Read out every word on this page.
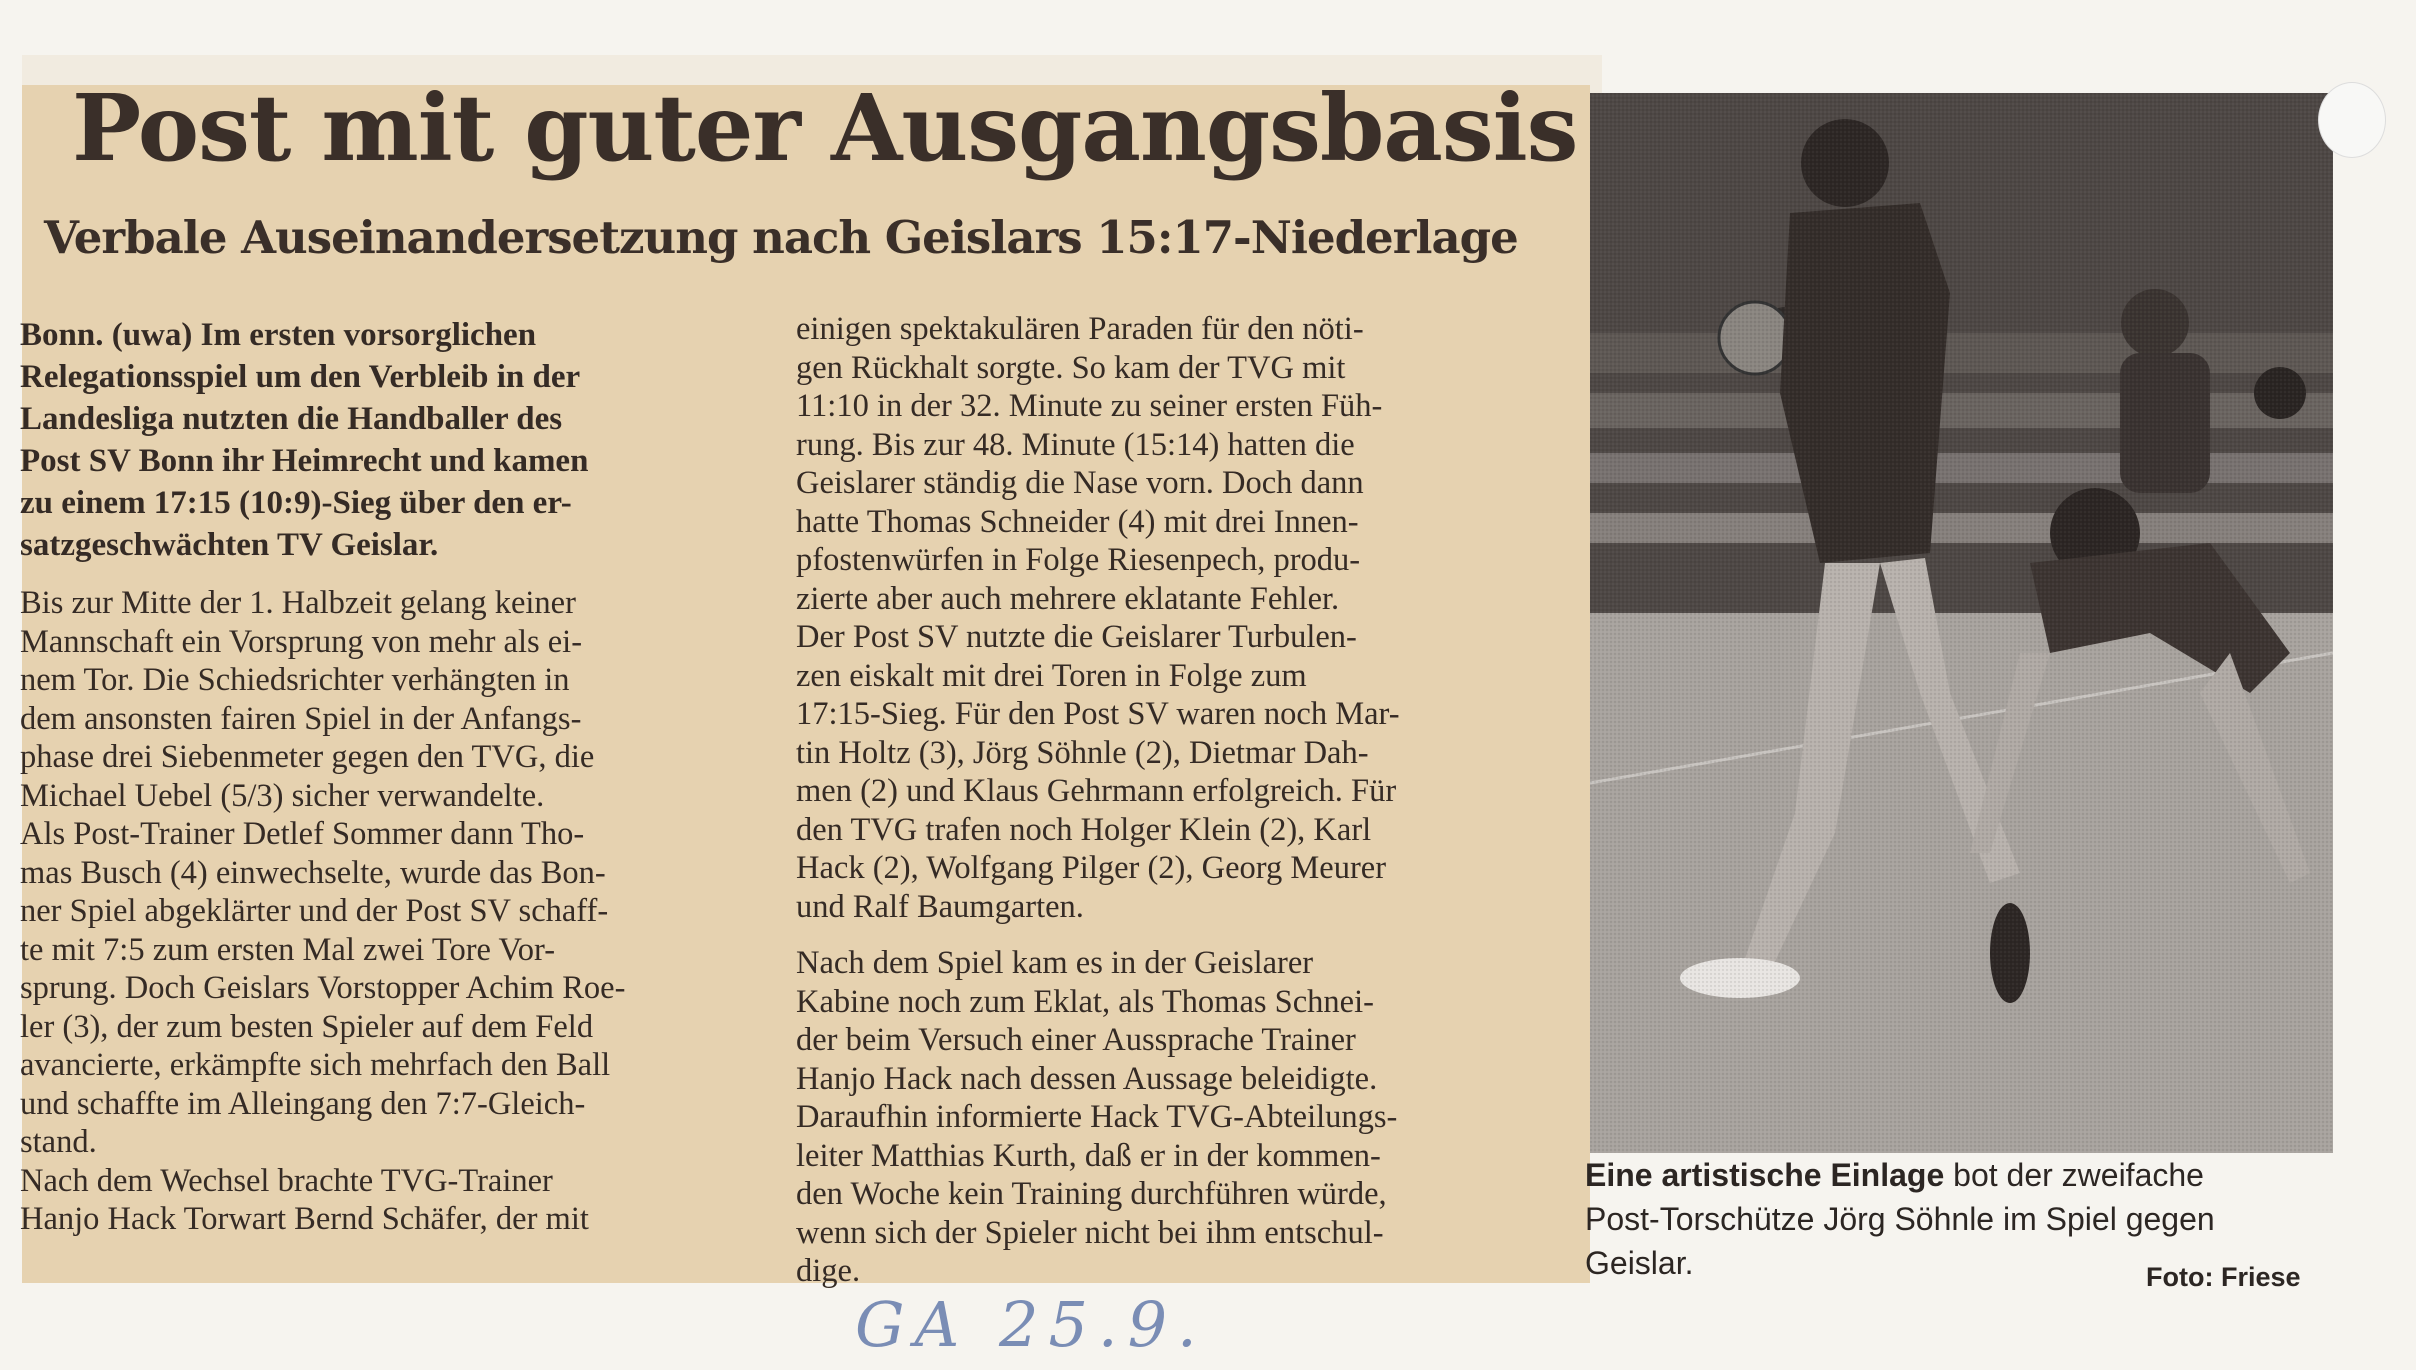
Post mit guter Ausgangsbasis
Verbale Auseinandersetzung nach Geislars 15:17-Niederlage

Bonn. (uwa) Im ersten vorsorglichen

Relegationsspiel um den Verbleib in der

Landesliga nutzten die Handballer des

Post SV Bonn ihr Heimrecht und kamen

zu einem 17:15 (10:9)-Sieg über den er-

satzgeschwächten TV Geislar.

Bis zur Mitte der 1. Halbzeit gelang keiner

Mannschaft ein Vorsprung von mehr als ei-

nem Tor. Die Schiedsrichter verhängten in

dem ansonsten fairen Spiel in der Anfangs-

phase drei Siebenmeter gegen den TVG, die

Michael Uebel (5/3) sicher verwandelte.

Als Post-Trainer Detlef Sommer dann Tho-

mas Busch (4) einwechselte, wurde das Bon-

ner Spiel abgeklärter und der Post SV schaff-

te mit 7:5 zum ersten Mal zwei Tore Vor-

sprung. Doch Geislars Vorstopper Achim Roe-

ler (3), der zum besten Spieler auf dem Feld

avancierte, erkämpfte sich mehrfach den Ball

und schaffte im Alleingang den 7:7-Gleich-

stand.

Nach dem Wechsel brachte TVG-Trainer

Hanjo Hack Torwart Bernd Schäfer, der mit

einigen spektakulären Paraden für den nöti-

gen Rückhalt sorgte. So kam der TVG mit

11:10 in der 32. Minute zu seiner ersten Füh-

rung. Bis zur 48. Minute (15:14) hatten die

Geislarer ständig die Nase vorn. Doch dann

hatte Thomas Schneider (4) mit drei Innen-

pfostenwürfen in Folge Riesenpech, produ-

zierte aber auch mehrere eklatante Fehler.

Der Post SV nutzte die Geislarer Turbulen-

zen eiskalt mit drei Toren in Folge zum

17:15-Sieg. Für den Post SV waren noch Mar-

tin Holtz (3), Jörg Söhnle (2), Dietmar Dah-

men (2) und Klaus Gehrmann erfolgreich. Für

den TVG trafen noch Holger Klein (2), Karl

Hack (2), Wolfgang Pilger (2), Georg Meurer

und Ralf Baumgarten.

Nach dem Spiel kam es in der Geislarer

Kabine noch zum Eklat, als Thomas Schnei-

der beim Versuch einer Aussprache Trainer

Hanjo Hack nach dessen Aussage beleidigte.

Daraufhin informierte Hack TVG-Abteilungs-

leiter Matthias Kurth, daß er in der kommen-

den Woche kein Training durchführen würde,

wenn sich der Spieler nicht bei ihm entschul-

dige.

Eine artistische Einlage bot der zweifache

Post-Torschütze Jörg Söhnle im Spiel gegen

Geislar.	Foto: Friese
GA 25.9.
